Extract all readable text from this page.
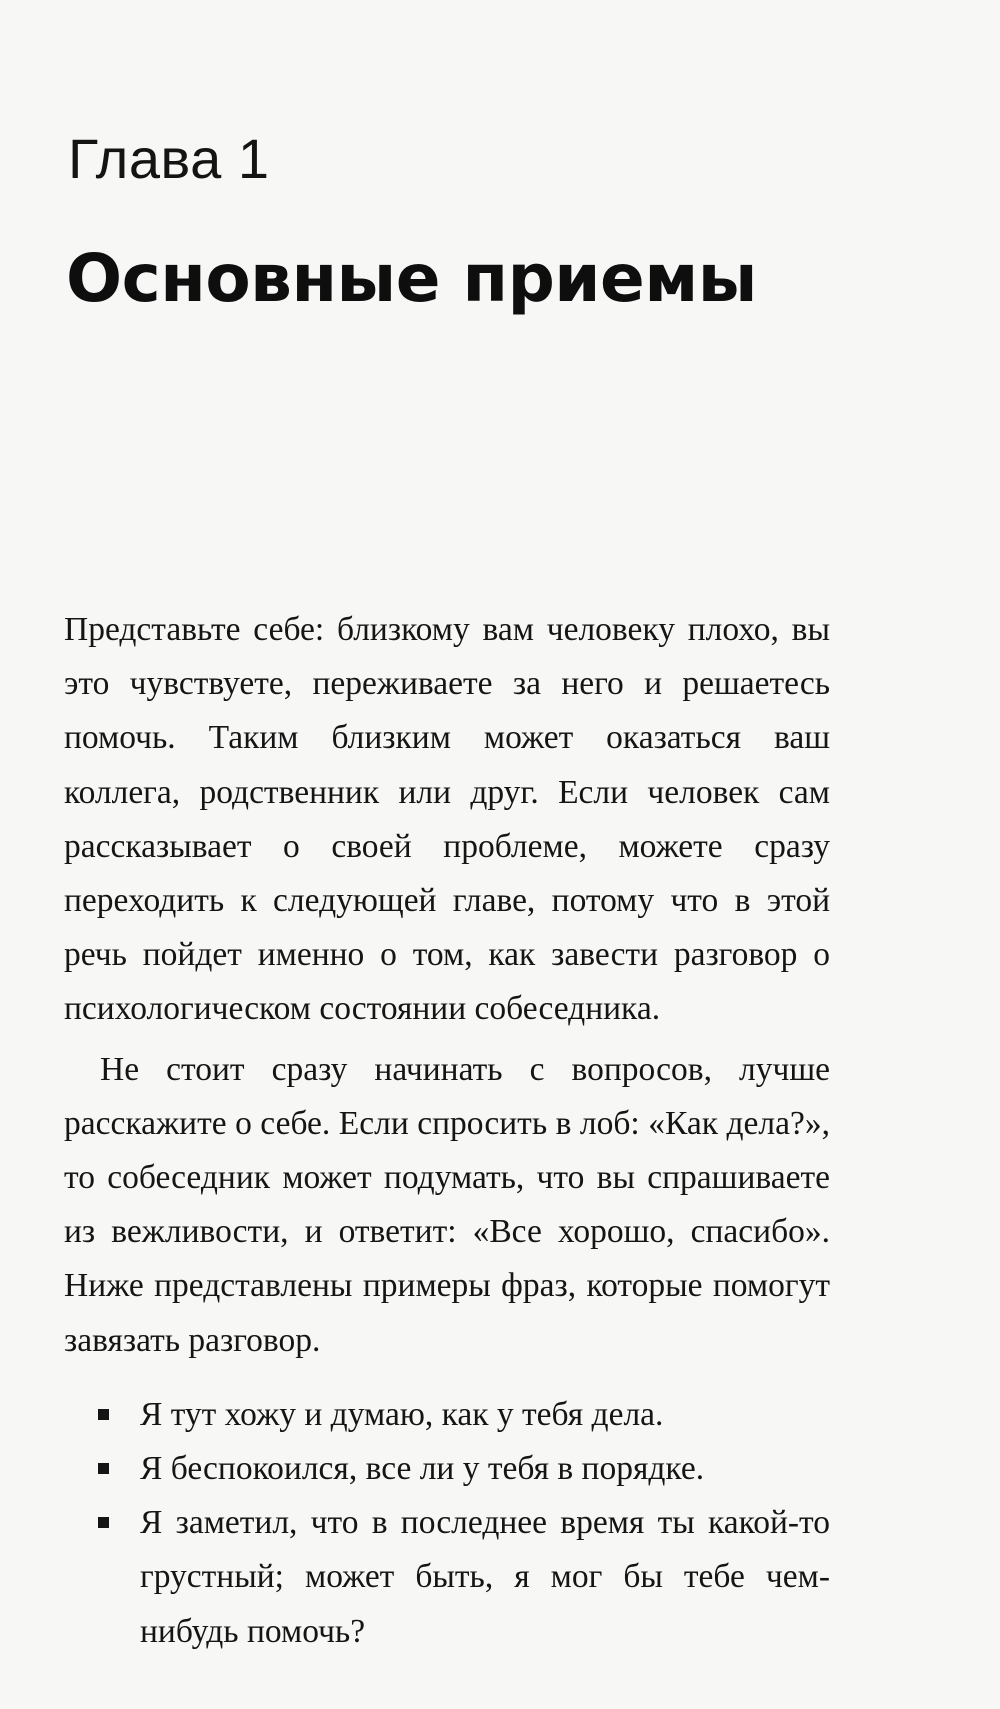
Глава 1
Основные приемы

Представьте себе: близкому вам человеку плохо, вы это чувствуете, переживаете за него и решаетесь помочь. Таким близким может оказаться ваш коллега, родственник или друг. Если человек сам рассказывает о своей проблеме, можете сразу переходить к следующей главе, потому что в этой речь пойдет именно о том, как завести разговор о психологическом состоянии собеседника.

Не стоит сразу начинать с вопросов, лучше расскажите о себе. Если спросить в лоб: «Как дела?», то собеседник может подумать, что вы спрашиваете из вежливости, и ответит: «Все хорошо, спасибо». Ниже представлены примеры фраз, которые помогут завязать разговор.

Я тут хожу и думаю, как у тебя дела.
Я беспокоился, все ли у тебя в порядке.
Я заметил, что в последнее время ты какой-то грустный; может быть, я мог бы тебе чем-нибудь помочь?
